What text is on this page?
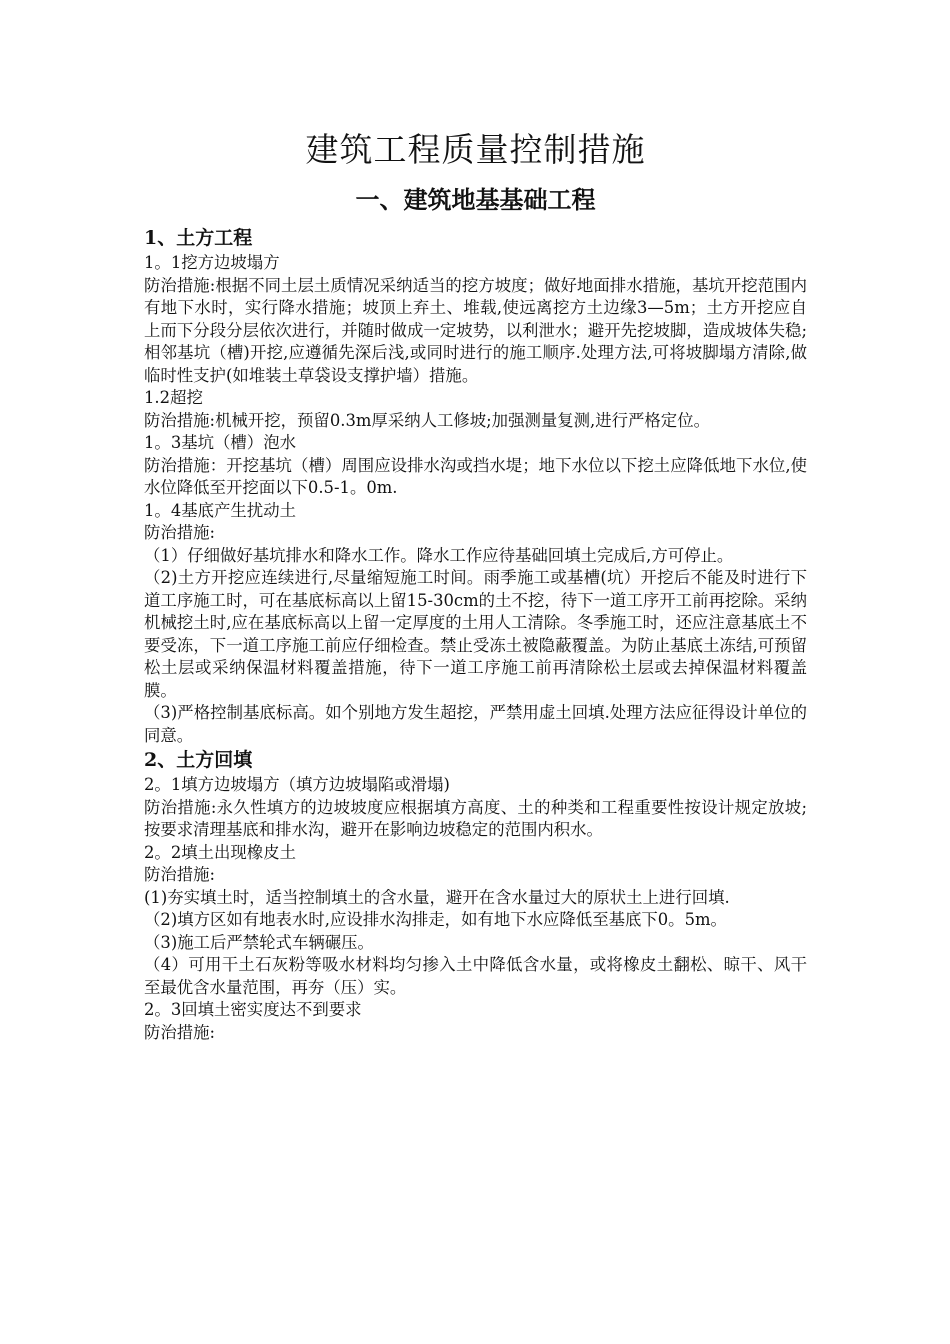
建筑工程质量控制措施
一、建筑地基基础工程
1、土方工程

1。1挖方边坡塌方

防治措施:根据不同土层土质情况采纳适当的挖方坡度；做好地面排水措施，基坑开挖范围内有地下水时，实行降水措施；坡顶上弃土、堆载,使远离挖方土边缘3—5m；土方开挖应自上而下分段分层依次进行，并随时做成一定坡势，以利泄水；避开先挖坡脚，造成坡体失稳;相邻基坑（槽)开挖,应遵循先深后浅,或同时进行的施工顺序.处理方法,可将坡脚塌方清除,做临时性支护(如堆装土草袋设支撑护墙）措施。

1.2超挖

防治措施:机械开挖，预留0.3m厚采纳人工修坡;加强测量复测,进行严格定位。

1。3基坑（槽）泡水

防治措施：开挖基坑（槽）周围应设排水沟或挡水堤；地下水位以下挖土应降低地下水位,使水位降低至开挖面以下0.5-1。0m.

1。4基底产生扰动土

防治措施:

（1）仔细做好基坑排水和降水工作。降水工作应待基础回填土完成后,方可停止。

（2)土方开挖应连续进行,尽量缩短施工时间。雨季施工或基槽(坑）开挖后不能及时进行下道工序施工时，可在基底标高以上留15-30cm的土不挖，待下一道工序开工前再挖除。采纳机械挖土时,应在基底标高以上留一定厚度的土用人工清除。冬季施工时，还应注意基底土不要受冻，下一道工序施工前应仔细检查。禁止受冻土被隐蔽覆盖。为防止基底土冻结,可预留松土层或采纳保温材料覆盖措施，待下一道工序施工前再清除松土层或去掉保温材料覆盖膜。

（3)严格控制基底标高。如个别地方发生超挖，严禁用虚土回填.处理方法应征得设计单位的同意。

2、土方回填

2。1填方边坡塌方（填方边坡塌陷或滑塌)

防治措施:永久性填方的边坡坡度应根据填方高度、土的种类和工程重要性按设计规定放坡;按要求清理基底和排水沟，避开在影响边坡稳定的范围内积水。

2。2填土出现橡皮土

防治措施:

(1)夯实填土时，适当控制填土的含水量，避开在含水量过大的原状土上进行回填.

（2)填方区如有地表水时,应设排水沟排走，如有地下水应降低至基底下0。5m。

（3)施工后严禁轮式车辆碾压。

（4）可用干土石灰粉等吸水材料均匀掺入土中降低含水量，或将橡皮土翻松、晾干、风干至最优含水量范围，再夯（压）实。

2。3回填土密实度达不到要求

防治措施:
